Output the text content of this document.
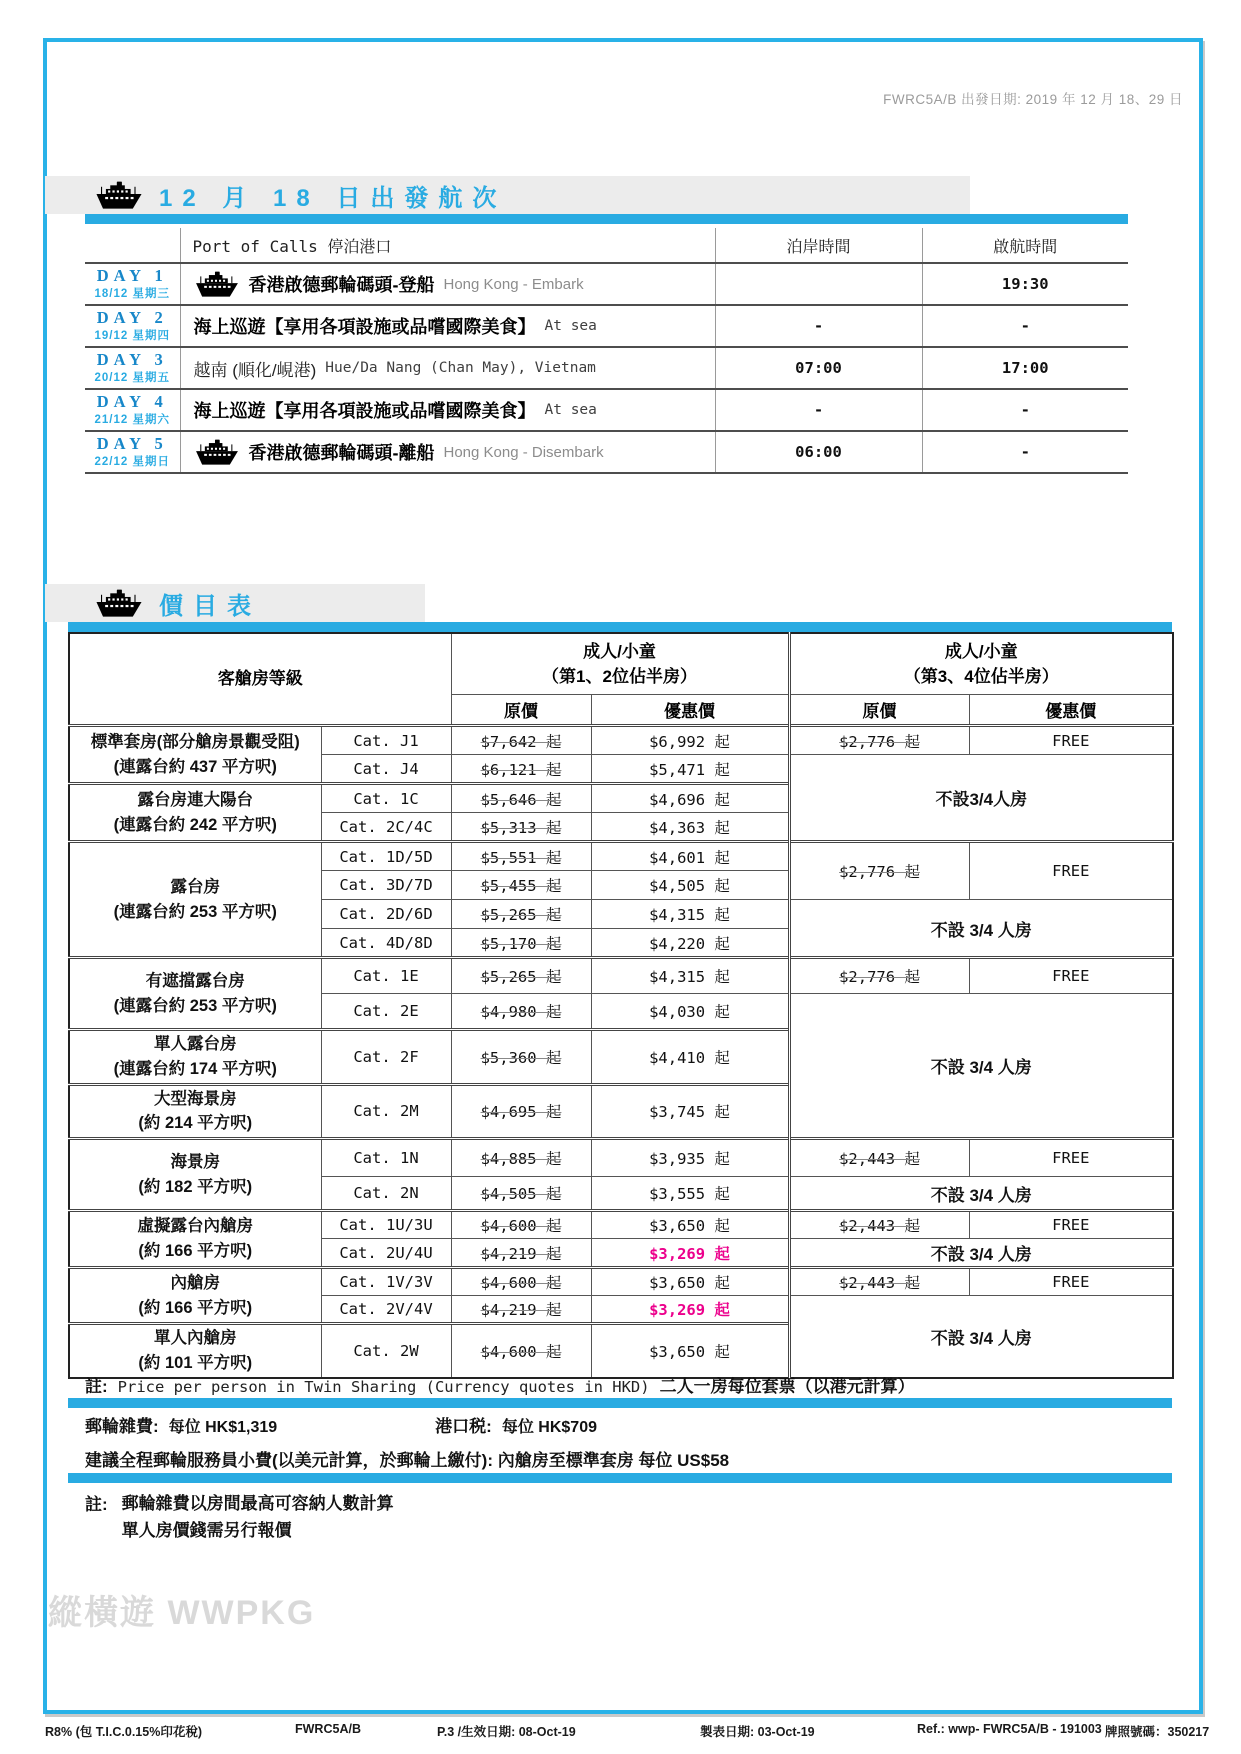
FWRC5A/B 出發日期: 2019 年 12 月 18、29 日
12 月 18 日出發航次
	Port of Calls 停泊港口	泊岸時間	啟航時間

DAY 1
18/12 星期三	香港啟德郵輪碼頭-登船 Hong Kong - Embark		19:30

DAY 2
19/12 星期四	海上巡遊【享用各項設施或品嚐國際美食】 At sea	-	-

DAY 3
20/12 星期五	越南 (順化/峴港) Hue/Da Nang (Chan May), Vietnam	07:00	17:00

DAY 4
21/12 星期六	海上巡遊【享用各項設施或品嚐國際美食】 At sea	-	-

DAY 5
22/12 星期日	香港啟德郵輪碼頭-離船 Hong Kong - Disembark	06:00	-
價目表
客艙房等級	
成人/小童
（第1、2位佔半房）

成人/小童
（第3、4位佔半房）

		原價	優惠價	原價	優惠價

標準套房(部分艙房景觀受阻)
(連露台約 437 平方呎)	Cat. J1	$7,642 起	$6,992 起	$2,776 起	FREE
	Cat. J4	$6,121 起	$5,471 起	不設3/4人房	

露台房連大陽台
(連露台約 242 平方呎)	Cat. 1C	$5,646 起	$4,696 起		
	Cat. 2C/4C	$5,313 起	$4,363 起		

露台房
(連露台約 253 平方呎)	Cat. 1D/5D	$5,551 起	$4,601 起	$2,776 起	FREE
	Cat. 3D/7D	$5,455 起	$4,505 起		
	Cat. 2D/6D	$5,265 起	$4,315 起	不設 3/4 人房	
	Cat. 4D/8D	$5,170 起	$4,220 起		

有遮擋露台房
(連露台約 253 平方呎)	Cat. 1E	$5,265 起	$4,315 起	$2,776 起	FREE
	Cat. 2E	$4,980 起	$4,030 起	不設 3/4 人房	

單人露台房
(連露台約 174 平方呎)	Cat. 2F	$5,360 起	$4,410 起		

大型海景房
(約 214 平方呎)	Cat. 2M	$4,695 起	$3,745 起		

海景房
(約 182 平方呎)	Cat. 1N	$4,885 起	$3,935 起	$2,443 起	FREE
	Cat. 2N	$4,505 起	$3,555 起	不設 3/4 人房	

虛擬露台內艙房
(約 166 平方呎)	Cat. 1U/3U	$4,600 起	$3,650 起	$2,443 起	FREE
	Cat. 2U/4U	$4,219 起	$3,269 起	不設 3/4 人房	

內艙房
(約 166 平方呎)	Cat. 1V/3V	$4,600 起	$3,650 起	$2,443 起	FREE
	Cat. 2V/4V	$4,219 起	$3,269 起	不設 3/4 人房	

單人內艙房
(約 101 平方呎)	Cat. 2W	$4,600 起	$3,650 起		
註: Price per person in Twin Sharing (Currency quotes in HKD) 二人一房每位套票（以港元計算）
郵輪雜費: 每位 HK$1,319	港口税: 每位 HK$709
建議全程郵輪服務員小費(以美元計算，於郵輪上繳付): 內艙房至標準套房 每位 US$58
註: 郵輪雜費以房間最高可容納人數計算
單人房價錢需另行報價
縱橫遊 WWPKG
R8% (包 T.I.C.0.15%印花稅)	FWRC5A/B	P.3 /生效日期: 08-Oct-19	製表日期: 03-Oct-19	Ref.: wwp- FWRC5A/B - 191003 牌照號碼：350217
